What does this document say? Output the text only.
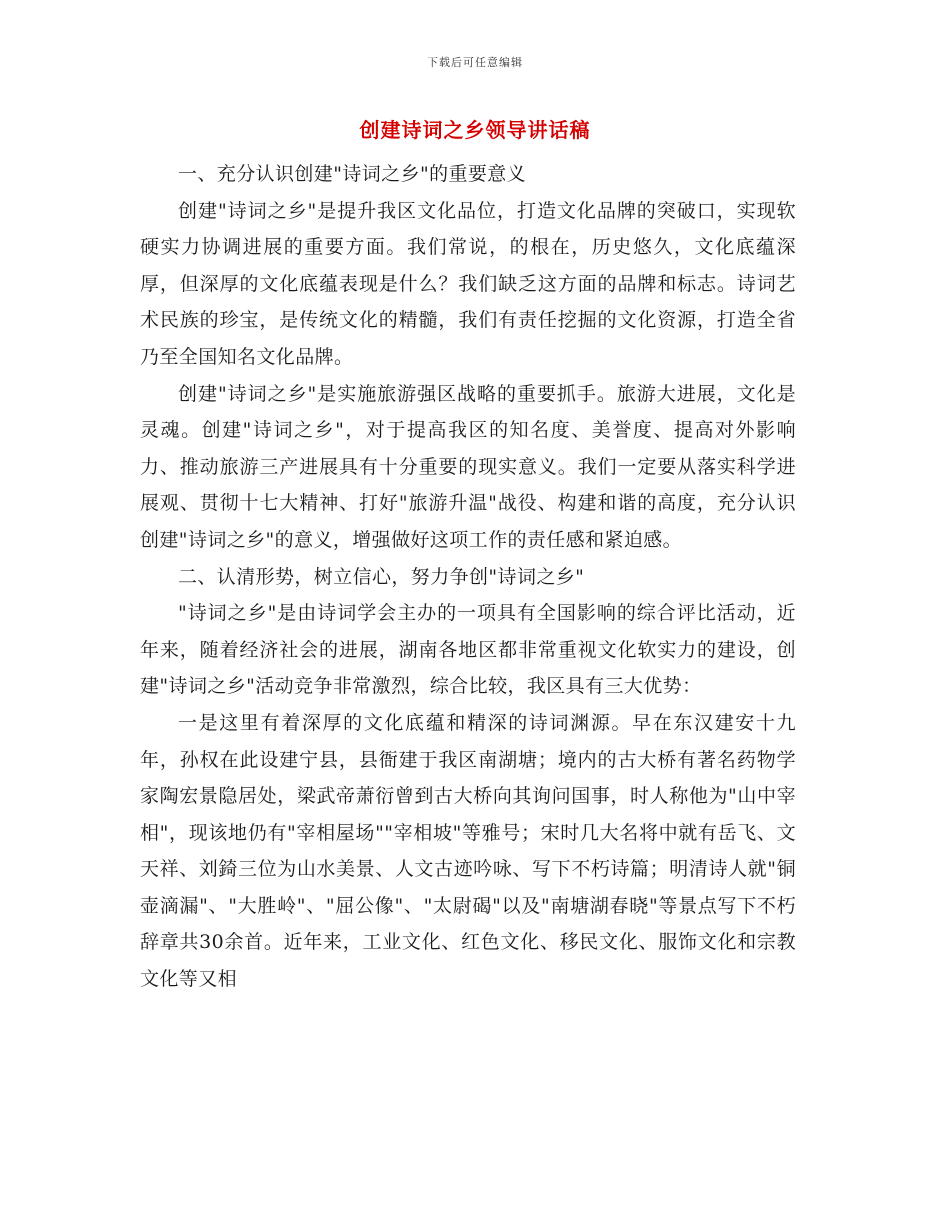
下载后可任意编辑
创建诗词之乡领导讲话稿

一、充分认识创建"诗词之乡"的重要意义

创建"诗词之乡"是提升我区文化品位，打造文化品牌的突破口，实现软硬实力协调进展的重要方面。我们常说，的根在，历史悠久，文化底蕴深厚，但深厚的文化底蕴表现是什么？我们缺乏这方面的品牌和标志。诗词艺术民族的珍宝，是传统文化的精髓，我们有责任挖掘的文化资源，打造全省乃至全国知名文化品牌。

创建"诗词之乡"是实施旅游强区战略的重要抓手。旅游大进展，文化是灵魂。创建"诗词之乡"，对于提高我区的知名度、美誉度、提高对外影响力、推动旅游三产进展具有十分重要的现实意义。我们一定要从落实科学进展观、贯彻十七大精神、打好"旅游升温"战役、构建和谐的高度，充分认识创建"诗词之乡"的意义，增强做好这项工作的责任感和紧迫感。

二、认清形势，树立信心，努力争创"诗词之乡"

"诗词之乡"是由诗词学会主办的一项具有全国影响的综合评比活动，近年来，随着经济社会的进展，湖南各地区都非常重视文化软实力的建设，创建"诗词之乡"活动竞争非常激烈，综合比较，我区具有三大优势：

一是这里有着深厚的文化底蕴和精深的诗词渊源。早在东汉建安十九年，孙权在此设建宁县，县衙建于我区南湖塘；境内的古大桥有著名药物学家陶宏景隐居处，梁武帝萧衍曾到古大桥向其询问国事，时人称他为"山中宰相"，现该地仍有"宰相屋场""宰相坡"等雅号；宋时几大名将中就有岳飞、文天祥、刘錡三位为山水美景、人文古迹吟咏、写下不朽诗篇；明清诗人就"铜壶滴漏"、"大胜岭"、"屈公像"、"太尉碣"以及"南塘湖春晓"等景点写下不朽辞章共30余首。近年来，工业文化、红色文化、移民文化、服饰文化和宗教文化等又相
